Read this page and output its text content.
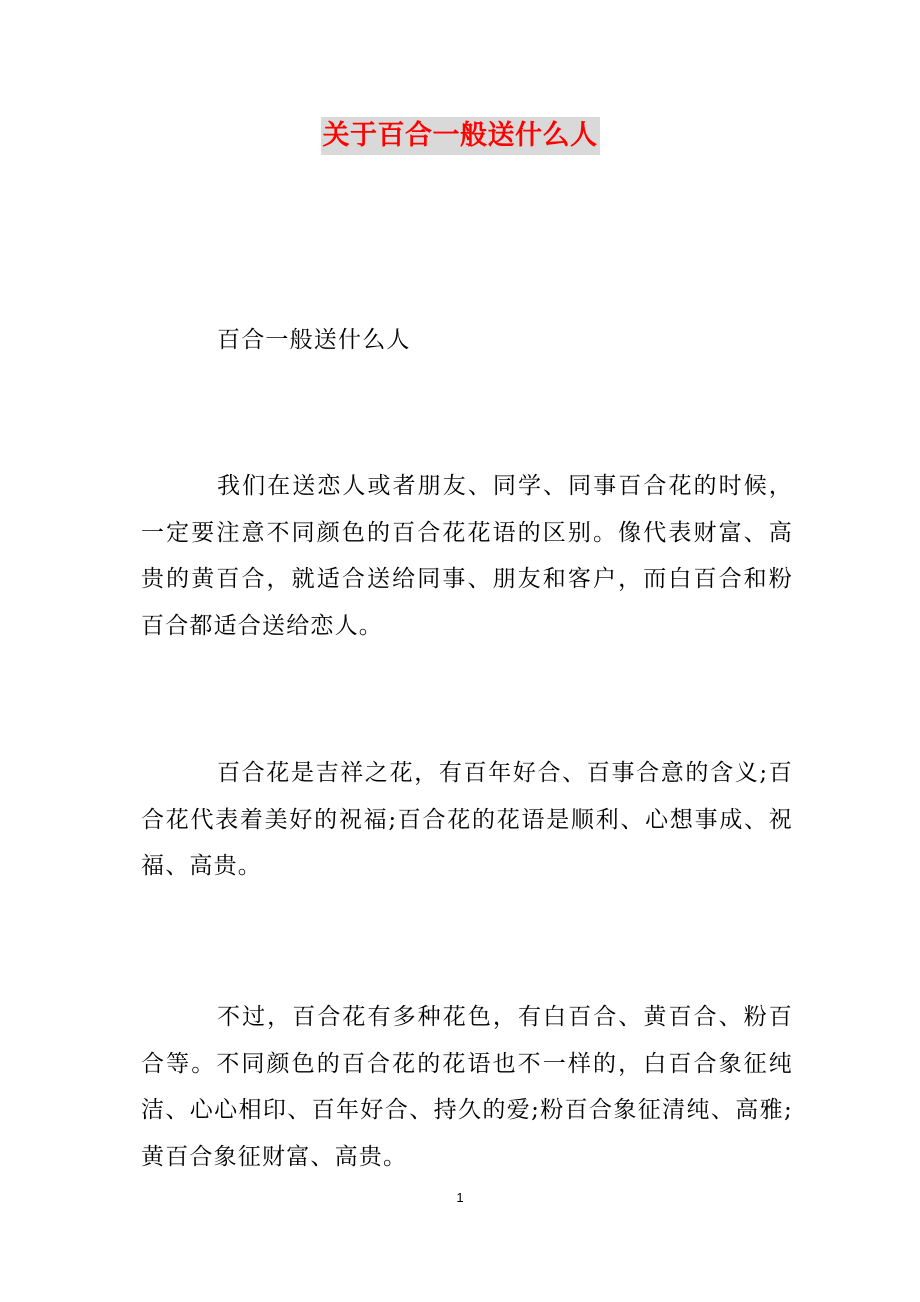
关于百合一般送什么人

百合一般送什么人

我们在送恋人或者朋友、同学、同事百合花的时候，一定要注意不同颜色的百合花花语的区别。像代表财富、高贵的黄百合，就适合送给同事、朋友和客户，而白百合和粉百合都适合送给恋人。

百合花是吉祥之花，有百年好合、百事合意的含义;百合花代表着美好的祝福;百合花的花语是顺利、心想事成、祝福、高贵。

不过，百合花有多种花色，有白百合、黄百合、粉百合等。不同颜色的百合花的花语也不一样的，白百合象征纯洁、心心相印、百年好合、持久的爱;粉百合象征清纯、高雅;黄百合象征财富、高贵。

1
